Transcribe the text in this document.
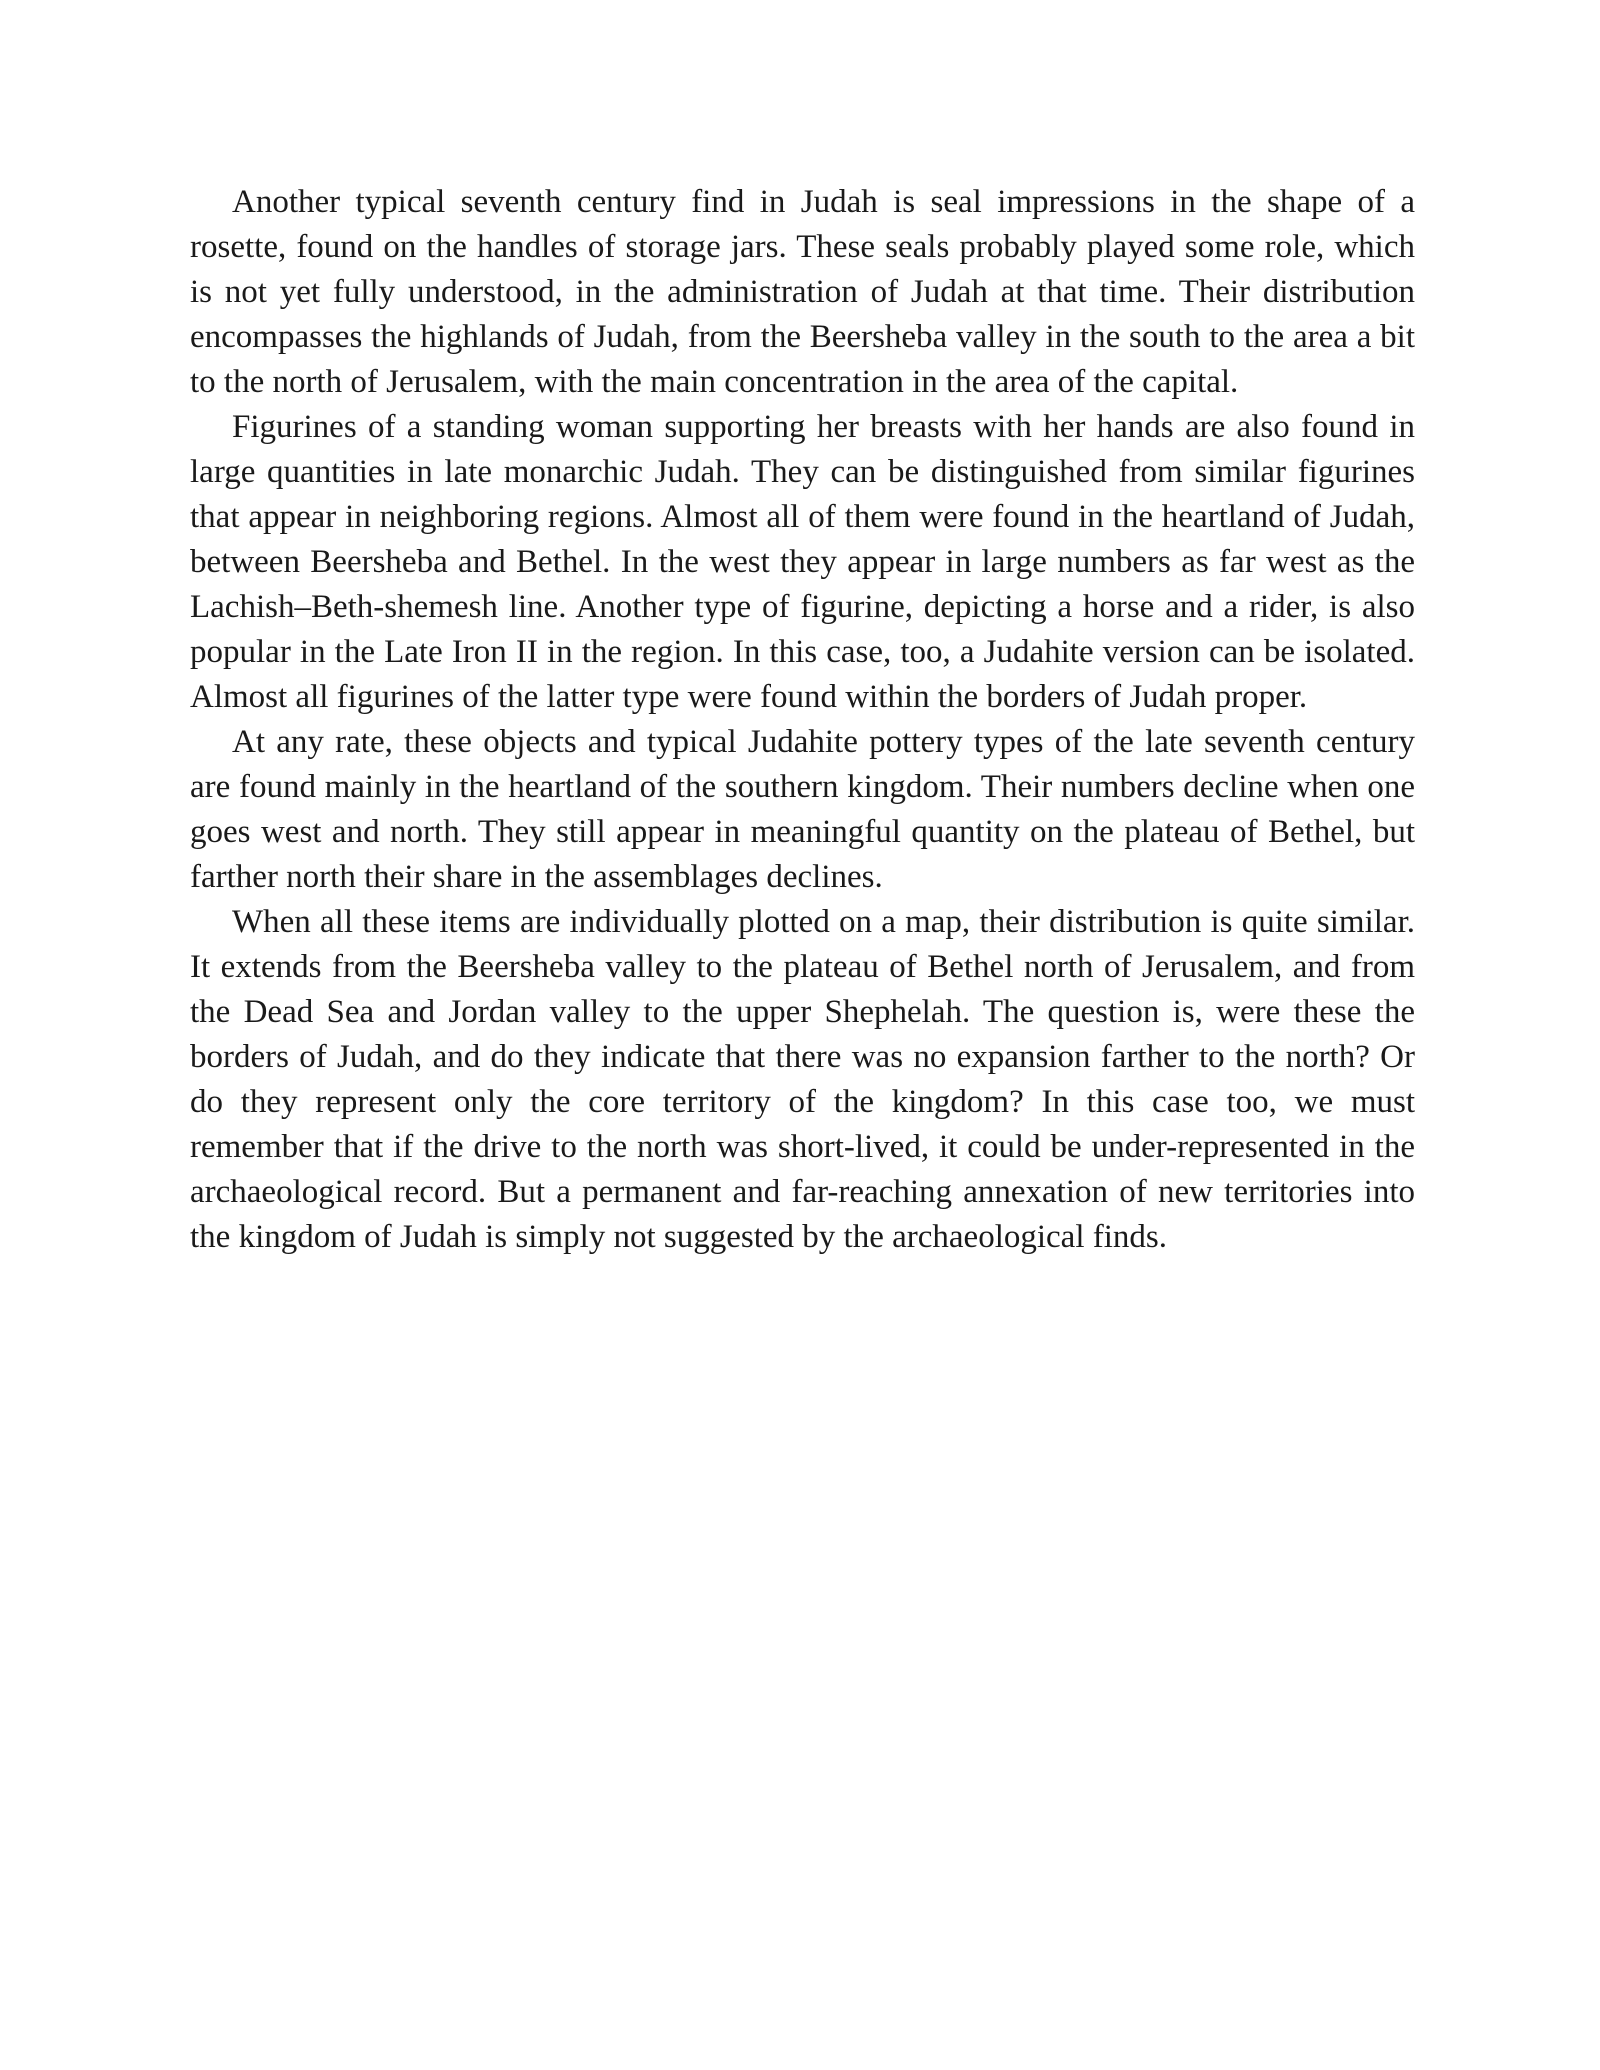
Another typical seventh century find in Judah is seal impressions in the shape of a rosette, found on the handles of storage jars. These seals probably played some role, which is not yet fully understood, in the administration of Judah at that time. Their distribution encompasses the highlands of Judah, from the Beersheba valley in the south to the area a bit to the north of Jerusalem, with the main concentration in the area of the capital.

Figurines of a standing woman supporting her breasts with her hands are also found in large quantities in late monarchic Judah. They can be distinguished from similar figurines that appear in neighboring regions. Almost all of them were found in the heartland of Judah, between Beersheba and Bethel. In the west they appear in large numbers as far west as the Lachish–Beth-shemesh line. Another type of figurine, depicting a horse and a rider, is also popular in the Late Iron II in the region. In this case, too, a Judahite version can be isolated. Almost all figurines of the latter type were found within the borders of Judah proper.

At any rate, these objects and typical Judahite pottery types of the late seventh century are found mainly in the heartland of the southern kingdom. Their numbers decline when one goes west and north. They still appear in meaningful quantity on the plateau of Bethel, but farther north their share in the assemblages declines.

When all these items are individually plotted on a map, their distribution is quite similar. It extends from the Beersheba valley to the plateau of Bethel north of Jerusalem, and from the Dead Sea and Jordan valley to the upper Shephelah. The question is, were these the borders of Judah, and do they indicate that there was no expansion farther to the north? Or do they represent only the core territory of the kingdom? In this case too, we must remember that if the drive to the north was short-lived, it could be under-represented in the archaeological record. But a permanent and far-reaching annexation of new territories into the kingdom of Judah is simply not suggested by the archaeological finds.
